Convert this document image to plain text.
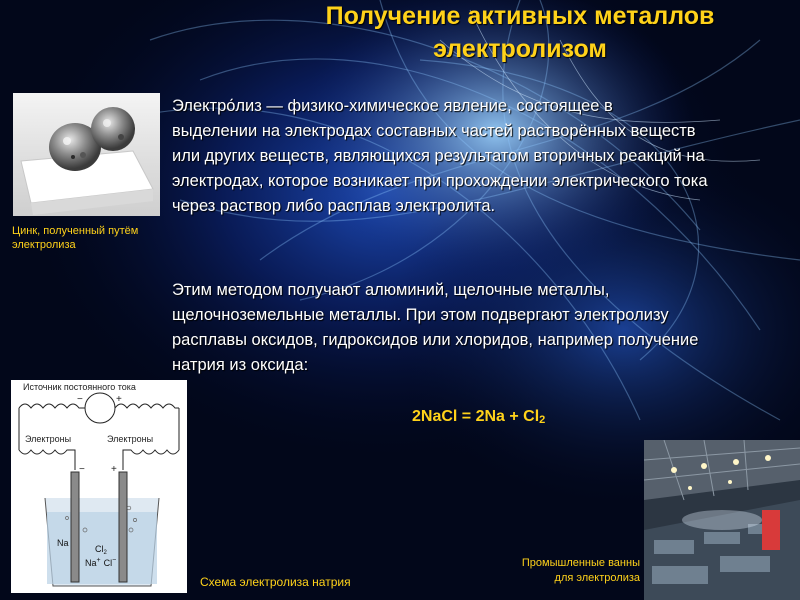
Получение активных металлов
электролизом
Электро́лиз — физико-химическое явление, состоящее в
выделении на электродах составных частей растворённых веществ
или других веществ, являющихся результатом вторичных реакций на
электродах, которое возникает при прохождении электрического тока
через раствор либо расплав электролита.
Этим методом получают алюминий, щелочные металлы,
щелочноземельные металлы. При этом подвергают электролизу
расплавы оксидов, гидроксидов или хлоридов, например получение
натрия из оксида:
2NaCl = $2Na + Cl_2$
Цинк, полученный путём
электролиза
Источник постоянного тока
−	+
Электроны	Электроны
−	+
Na
$Cl_2$
Na+ Cl−
Схема электролиза натрия
Промышленные ванны
для электролиза
